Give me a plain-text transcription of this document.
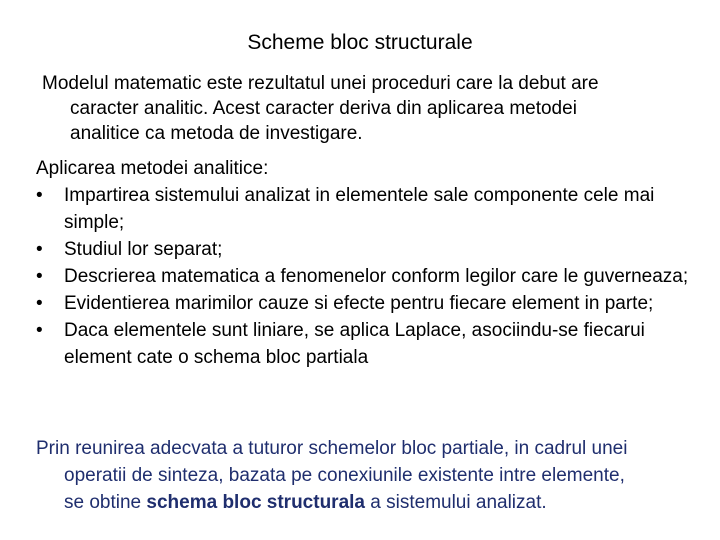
Scheme bloc structurale
Modelul matematic este rezultatul unei proceduri care la debut are
caracter analitic. Acest caracter deriva din aplicarea metodei
analitice ca metoda de investigare.
Aplicarea metodei analitice:
•	Impartirea sistemului analizat in elementele sale componente cele mai simple;
•	Studiul lor separat;
•	Descrierea matematica a fenomenelor conform legilor care le guverneaza;
•	Evidentierea marimilor cauze si efecte pentru fiecare element in parte;
•	Daca elementele sunt liniare, se aplica Laplace, asociindu-se fiecarui element cate o schema bloc partiala
Prin reunirea adecvata a tuturor schemelor bloc partiale, in cadrul unei
operatii de sinteza, bazata pe conexiunile existente intre elemente,
se obtine schema bloc structurala a sistemului analizat.
